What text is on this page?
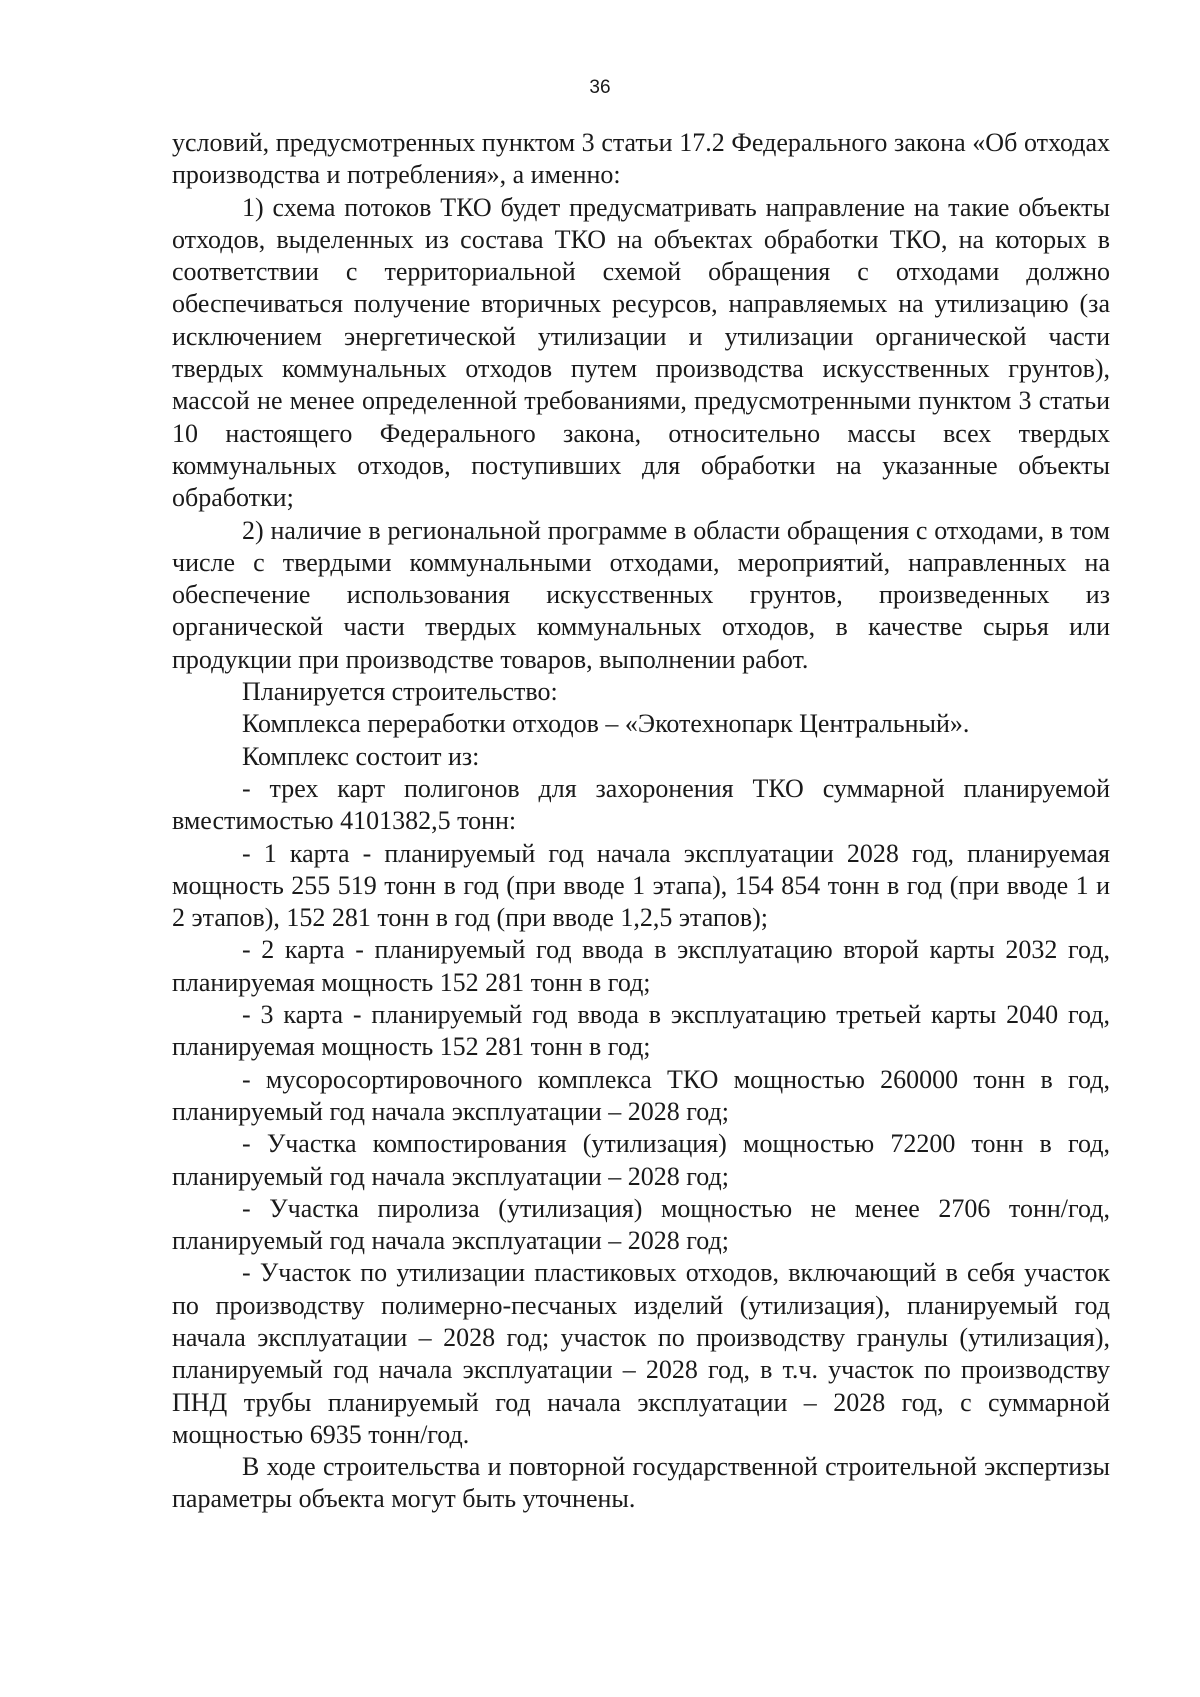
36

условий, предусмотренных пунктом 3 статьи 17.2 Федерального закона «Об отходах производства и потребления», а именно:

1) схема потоков ТКО будет предусматривать направление на такие объекты отходов, выделенных из состава ТКО на объектах обработки ТКО, на которых в соответствии с территориальной схемой обращения с отходами должно обеспечиваться получение вторичных ресурсов, направляемых на утилизацию (за исключением энергетической утилизации и утилизации органической части твердых коммунальных отходов путем производства искусственных грунтов), массой не менее определенной требованиями, предусмотренными пунктом 3 статьи 10 настоящего Федерального закона, относительно массы всех твердых коммунальных отходов, поступивших для обработки на указанные объекты обработки;

2) наличие в региональной программе в области обращения с отходами, в том числе с твердыми коммунальными отходами, мероприятий, направленных на обеспечение использования искусственных грунтов, произведенных из органической части твердых коммунальных отходов, в качестве сырья или продукции при производстве товаров, выполнении работ.

Планируется строительство:

Комплекса переработки отходов – «Экотехнопарк Центральный».

Комплекс состоит из:

- трех карт полигонов для захоронения ТКО суммарной планируемой вместимостью 4101382,5 тонн:

- 1 карта - планируемый год начала эксплуатации 2028 год, планируемая мощность 255 519 тонн в год (при вводе 1 этапа), 154 854 тонн в год (при вводе 1 и 2 этапов), 152 281 тонн в год (при вводе 1,2,5 этапов);

- 2 карта - планируемый год ввода в эксплуатацию второй карты 2032 год, планируемая мощность 152 281 тонн в год;

- 3 карта - планируемый год ввода в эксплуатацию третьей карты 2040 год, планируемая мощность 152 281 тонн в год;

- мусоросортировочного комплекса ТКО мощностью 260000 тонн в год, планируемый год начала эксплуатации – 2028 год;

- Участка компостирования (утилизация) мощностью 72200 тонн в год, планируемый год начала эксплуатации – 2028 год;

- Участка пиролиза (утилизация) мощностью не менее 2706 тонн/год, планируемый год начала эксплуатации – 2028 год;

- Участок по утилизации пластиковых отходов, включающий в себя участок по производству полимерно-песчаных изделий (утилизация), планируемый год начала эксплуатации – 2028 год; участок по производству гранулы (утилизация), планируемый год начала эксплуатации – 2028 год, в т.ч. участок по производству ПНД трубы планируемый год начала эксплуатации – 2028 год, с суммарной мощностью 6935 тонн/год.

В ходе строительства и повторной государственной строительной экспертизы параметры объекта могут быть уточнены.
